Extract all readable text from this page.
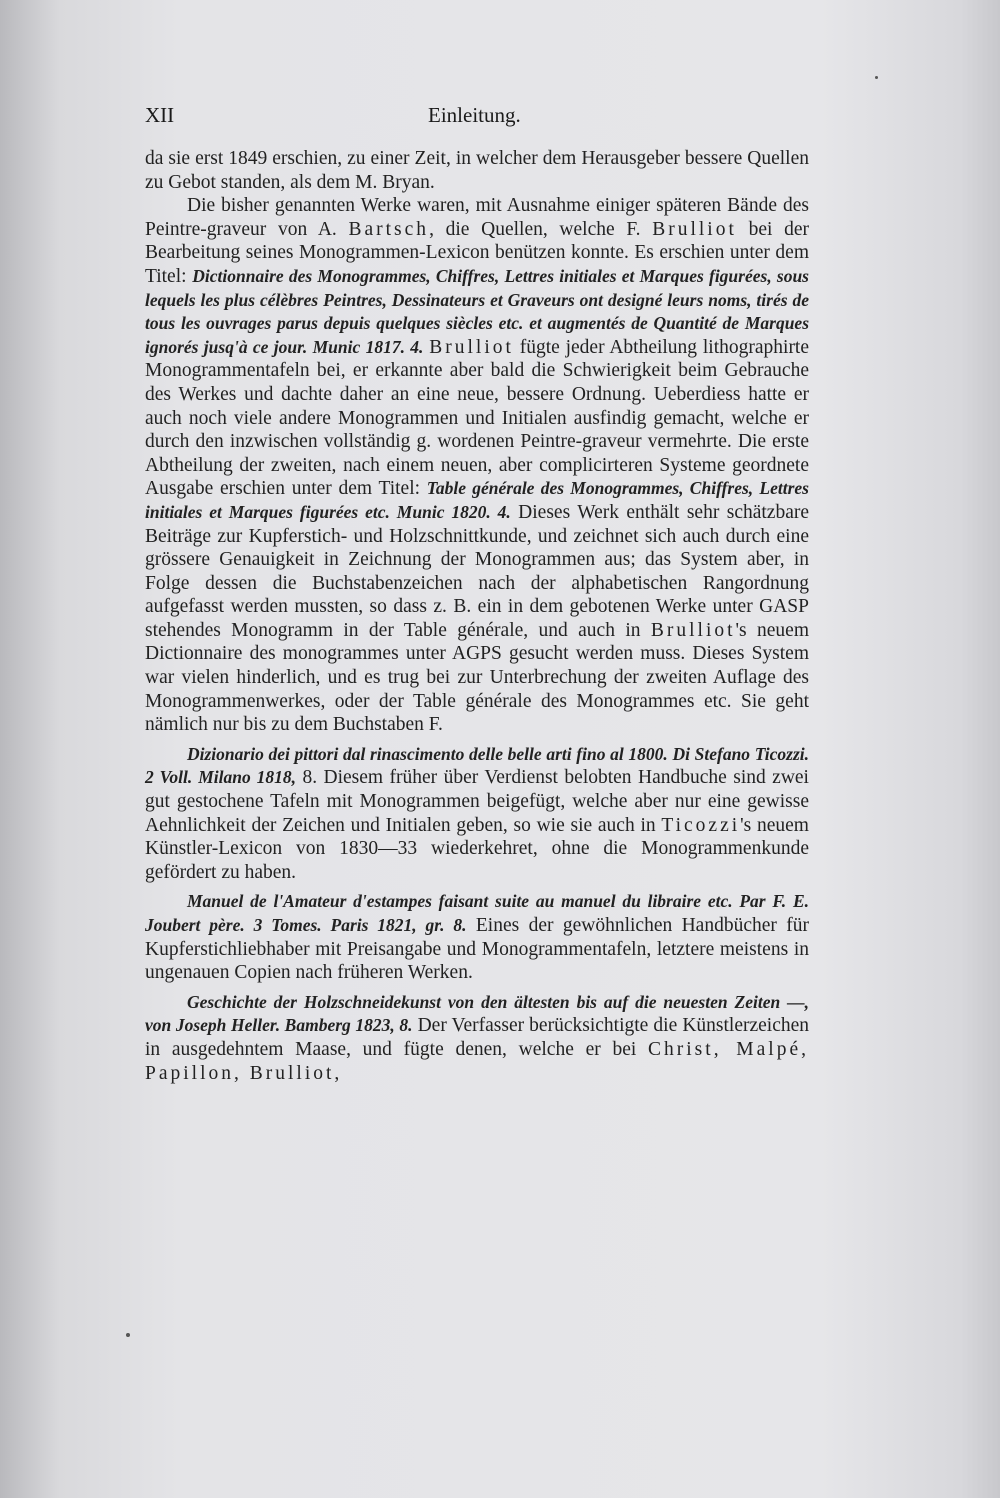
XII	Einleitung.

da sie erst 1849 erschien, zu einer Zeit, in welcher dem Herausgeber bessere Quellen zu Gebot standen, als dem M. Bryan.

Die bisher genannten Werke waren, mit Ausnahme einiger späteren Bände des Peintre-graveur von A. Bartsch, die Quellen, welche F. Brulliot bei der Bearbeitung seines Monogrammen-Lexicon benützen konnte. Es erschien unter dem Titel: Dictionnaire des Monogrammes, Chiffres, Lettres initiales et Marques figurées, sous lequels les plus célèbres Peintres, Dessinateurs et Graveurs ont designé leurs noms, tirés de tous les ouvrages parus depuis quelques siècles etc. et augmentés de Quantité de Marques ignorés jusq'à ce jour. Munic 1817. 4. Brulliot fügte jeder Abtheilung lithographirte Monogrammentafeln bei, er erkannte aber bald die Schwierigkeit beim Gebrauche des Werkes und dachte daher an eine neue, bessere Ordnung. Ueberdiess hatte er auch noch viele andere Monogrammen und Initialen ausfindig gemacht, welche er durch den inzwischen vollständig g. wordenen Peintre-graveur vermehrte. Die erste Abtheilung der zweiten, nach einem neuen, aber complicirteren Systeme geordnete Ausgabe erschien unter dem Titel: Table générale des Monogrammes, Chiffres, Lettres initiales et Marques figurées etc. Munic 1820. 4. Dieses Werk enthält sehr schätzbare Beiträge zur Kupferstich- und Holzschnittkunde, und zeichnet sich auch durch eine grössere Genauigkeit in Zeichnung der Monogrammen aus; das System aber, in Folge dessen die Buchstabenzeichen nach der alphabetischen Rangordnung aufgefasst werden mussten, so dass z. B. ein in dem gebotenen Werke unter GASP stehendes Monogramm in der Table générale, und auch in Brulliot's neuem Dictionnaire des monogrammes unter AGPS gesucht werden muss. Dieses System war vielen hinderlich, und es trug bei zur Unterbrechung der zweiten Auflage des Monogrammenwerkes, oder der Table générale des Monogrammes etc. Sie geht nämlich nur bis zu dem Buchstaben F.

Dizionario dei pittori dal rinascimento delle belle arti fino al 1800. Di Stefano Ticozzi. 2 Voll. Milano 1818, 8. Diesem früher über Verdienst belobten Handbuche sind zwei gut gestochene Tafeln mit Monogrammen beigefügt, welche aber nur eine gewisse Aehnlichkeit der Zeichen und Initialen geben, so wie sie auch in Ticozzi's neuem Künstler-Lexicon von 1830—33 wiederkehret, ohne die Monogrammenkunde gefördert zu haben.

Manuel de l'Amateur d'estampes faisant suite au manuel du libraire etc. Par F. E. Joubert père. 3 Tomes. Paris 1821, gr. 8. Eines der gewöhnlichen Handbücher für Kupferstichliebhaber mit Preisangabe und Monogrammentafeln, letztere meistens in ungenauen Copien nach früheren Werken.

Geschichte der Holzschneidekunst von den ältesten bis auf die neuesten Zeiten —, von Joseph Heller. Bamberg 1823, 8. Der Verfasser berücksichtigte die Künstlerzeichen in ausgedehntem Maase, und fügte denen, welche er bei Christ, Malpé, Papillon, Brulliot,
